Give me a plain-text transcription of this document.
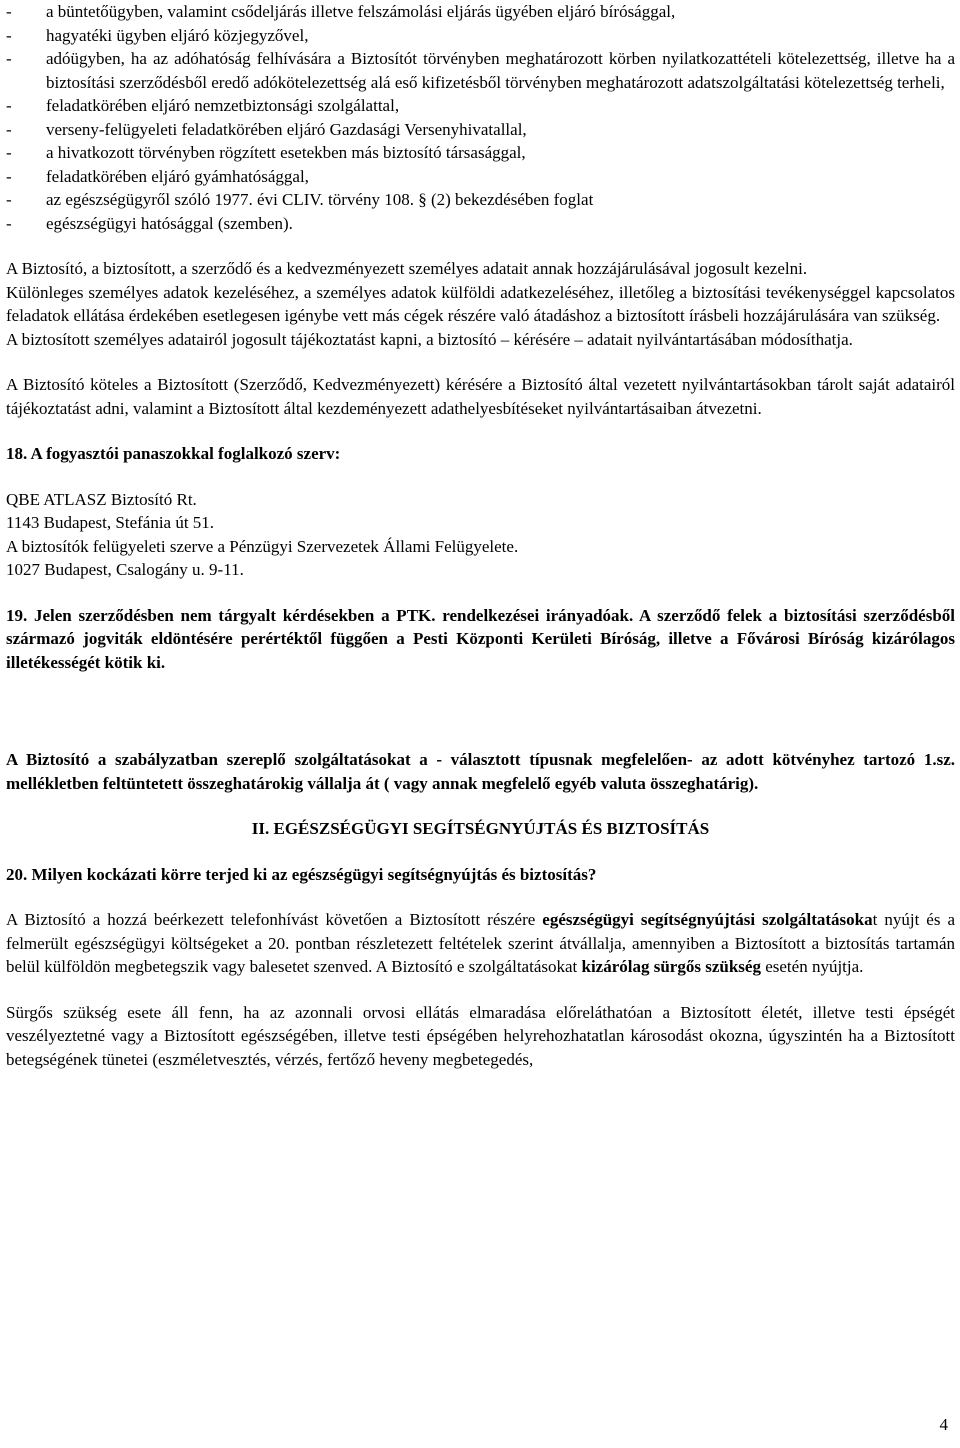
- a büntetőügyben, valamint csődeljárás illetve felszámolási eljárás ügyében eljáró bírósággal,

- hagyatéki ügyben eljáró közjegyzővel,

- adóügyben, ha az adóhatóság felhívására a Biztosítót törvényben meghatározott körben nyilatkozattételi kötelezettség, illetve ha a biztosítási szerződésből eredő adókötelezettség alá eső kifizetésből törvényben meghatározott adatszolgáltatási kötelezettség terheli,

- feladatkörében eljáró nemzetbiztonsági szolgálattal,

- verseny-felügyeleti feladatkörében eljáró Gazdasági Versenyhivatallal,

- a hivatkozott törvényben rögzített esetekben más biztosító társasággal,

- feladatkörében eljáró gyámhatósággal,

- az egészségügyről szóló 1977. évi CLIV. törvény 108. § (2) bekezdésében foglat

- egészségügyi hatósággal (szemben).

A Biztosító, a biztosított, a szerződő és a kedvezményezett személyes adatait annak hozzájárulásával jogosult kezelni.

Különleges személyes adatok kezeléséhez, a személyes adatok külföldi adatkezeléséhez, illetőleg a biztosítási tevékenységgel kapcsolatos feladatok ellátása érdekében esetlegesen igénybe vett más cégek részére való átadáshoz a biztosított írásbeli hozzájárulására van szükség.

A biztosított személyes adatairól jogosult tájékoztatást kapni, a biztosító – kérésére – adatait nyilvántartásában módosíthatja.

A Biztosító köteles a Biztosított (Szerződő, Kedvezményezett) kérésére a Biztosító által vezetett nyilvántartásokban tárolt saját adatairól tájékoztatást adni, valamint a Biztosított által kezdeményezett adathelyesbítéseket nyilvántartásaiban átvezetni.

18. A fogyasztói panaszokkal foglalkozó szerv:

QBE ATLASZ Biztosító Rt.

1143 Budapest, Stefánia út 51.

A biztosítók felügyeleti szerve a Pénzügyi Szervezetek Állami Felügyelete.

1027 Budapest, Csalogány u. 9-11.

19. Jelen szerződésben nem tárgyalt kérdésekben a PTK. rendelkezései irányadóak. A szerződő felek a biztosítási szerződésből származó jogviták eldöntésére perértéktől függően a Pesti Központi Kerületi Bíróság, illetve a Fővárosi Bíróság kizárólagos illetékességét kötik ki.

A Biztosító a szabályzatban szereplő szolgáltatásokat a - választott típusnak megfelelően- az adott kötvényhez tartozó 1.sz. mellékletben feltüntetett összeghatárokig vállalja át ( vagy annak megfelelő egyéb valuta összeghatárig).

II. EGÉSZSÉGÜGYI SEGÍTSÉGNYÚJTÁS ÉS BIZTOSÍTÁS

20. Milyen kockázati körre terjed ki az egészségügyi segítségnyújtás és biztosítás?

A Biztosító a hozzá beérkezett telefonhívást követően a Biztosított részére egészségügyi segítségnyújtási szolgáltatásokat nyújt és a felmerült egészségügyi költségeket a 20. pontban részletezett feltételek szerint átvállalja, amennyiben a Biztosított a biztosítás tartamán belül külföldön megbetegszik vagy balesetet szenved. A Biztosító e szolgáltatásokat kizárólag sürgős szükség esetén nyújtja.

Sürgős szükség esete áll fenn, ha az azonnali orvosi ellátás elmaradása előreláthatóan a Biztosított életét, illetve testi épségét veszélyeztetné vagy a Biztosított egészségében, illetve testi épségében helyrehozhatatlan károsodást okozna, úgyszintén ha a Biztosított betegségének tünetei (eszméletvesztés, vérzés, fertőző heveny megbetegedés,

4
